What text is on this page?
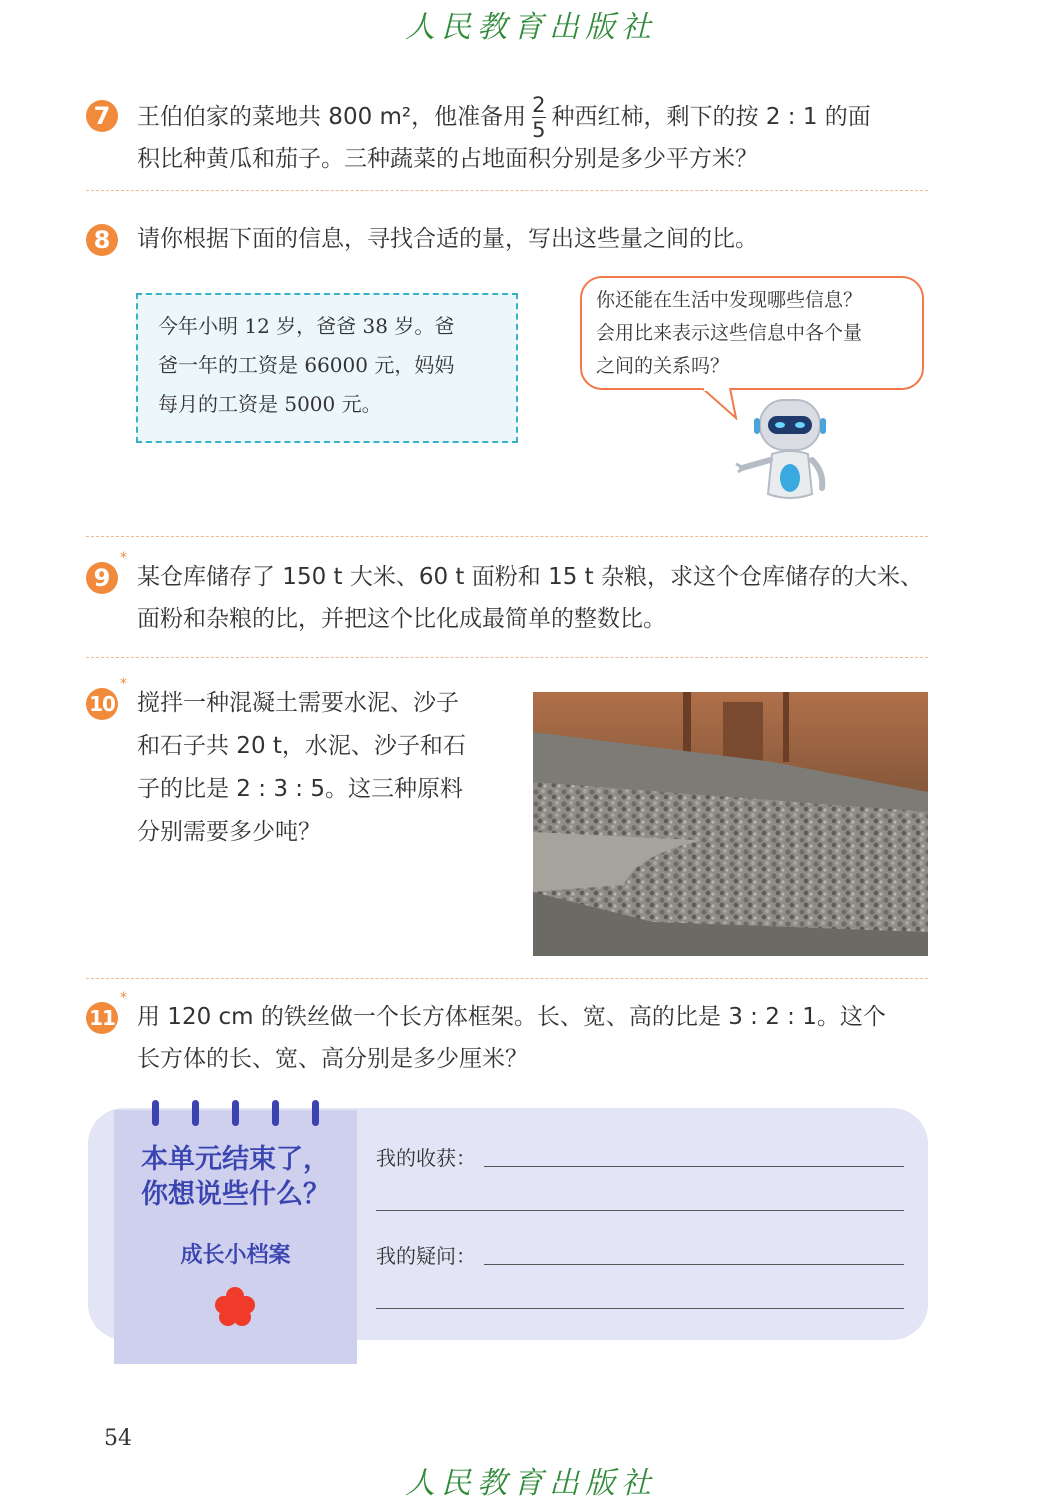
人民教育出版社
7	王伯伯家的菜地共 800 m²，他准备用 $\frac{2}{5}$ 种西红柿，剩下的按 2 : 1 的面
积比种黄瓜和茄子。三种蔬菜的占地面积分别是多少平方米？
8	请你根据下面的信息，寻找合适的量，写出这些量之间的比。
今年小明 12 岁，爸爸 38 岁。爸
爸一年的工资是 66000 元，妈妈
每月的工资是 5000 元。
你还能在生活中发现哪些信息？
会用比来表示这些信息中各个量
之间的关系吗？
9
*
某仓库储存了 150 t 大米、60 t 面粉和 15 t 杂粮，求这个仓库储存的大米、
面粉和杂粮的比，并把这个比化成最简单的整数比。
10
*
搅拌一种混凝土需要水泥、沙子
和石子共 20 t，水泥、沙子和石
子的比是 2 : 3 : 5。这三种原料
分别需要多少吨？
11
*
用 120 cm 的铁丝做一个长方体框架。长、宽、高的比是 3 : 2 : 1。这个
长方体的长、宽、高分别是多少厘米？
本单元结束了，
你想说些什么？
成长小档案
我的收获：
我的疑问：
54
人民教育出版社
